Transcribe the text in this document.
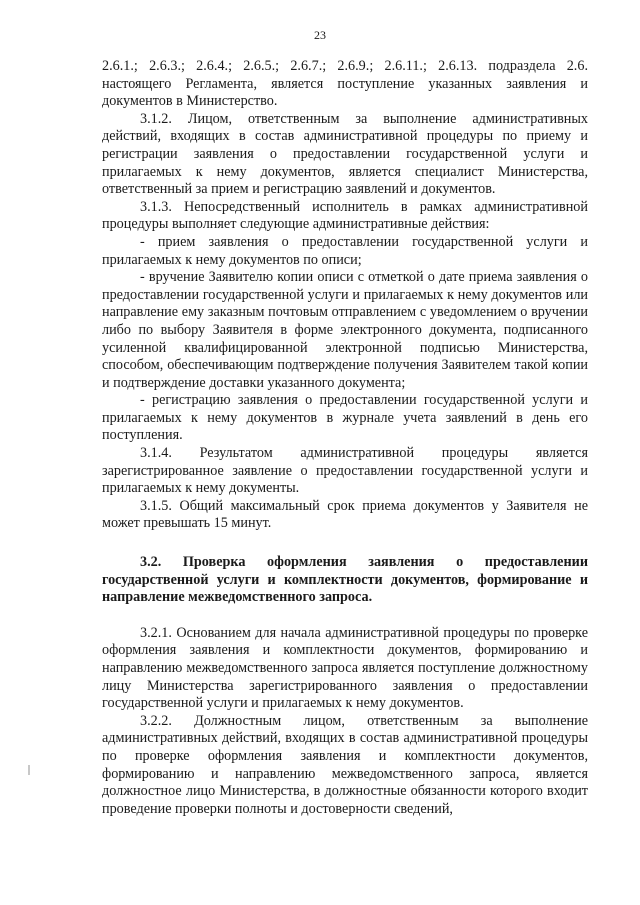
23

2.6.1.; 2.6.3.; 2.6.4.; 2.6.5.; 2.6.7.; 2.6.9.; 2.6.11.; 2.6.13. подраздела 2.6. настоящего Регламента, является поступление указанных заявления и документов в Министерство.

3.1.2. Лицом, ответственным за выполнение административных действий, входящих в состав административной процедуры по приему и регистрации заявления о предоставлении государственной услуги и прилагаемых к нему документов, является специалист Министерства, ответственный за прием и регистрацию заявлений и документов.

3.1.3. Непосредственный исполнитель в рамках административной процедуры выполняет следующие административные действия:

- прием заявления о предоставлении государственной услуги и прилагаемых к нему документов по описи;

- вручение Заявителю копии описи с отметкой о дате приема заявления о предоставлении государственной услуги и прилагаемых к нему документов или направление ему заказным почтовым отправлением с уведомлением о вручении либо по выбору Заявителя в форме электронного документа, подписанного усиленной квалифицированной электронной подписью Министерства, способом, обеспечивающим подтверждение получения Заявителем такой копии и подтверждение доставки указанного документа;

- регистрацию заявления о предоставлении государственной услуги и прилагаемых к нему документов в журнале учета заявлений в день его поступления.

3.1.4. Результатом административной процедуры является зарегистрированное заявление о предоставлении государственной услуги и прилагаемых к нему документы.

3.1.5. Общий максимальный срок приема документов у Заявителя не может превышать 15 минут.

3.2. Проверка оформления заявления о предоставлении государственной услуги и комплектности документов, формирование и направление межведомственного запроса.

3.2.1. Основанием для начала административной процедуры по проверке оформления заявления и комплектности документов, формированию и направлению межведомственного запроса является поступление должностному лицу Министерства зарегистрированного заявления о предоставлении государственной услуги и прилагаемых к нему документов.

3.2.2. Должностным лицом, ответственным за выполнение административных действий, входящих в состав административной процедуры по проверке оформления заявления и комплектности документов, формированию и направлению межведомственного запроса, является должностное лицо Министерства, в должностные обязанности которого входит проведение проверки полноты и достоверности сведений,
